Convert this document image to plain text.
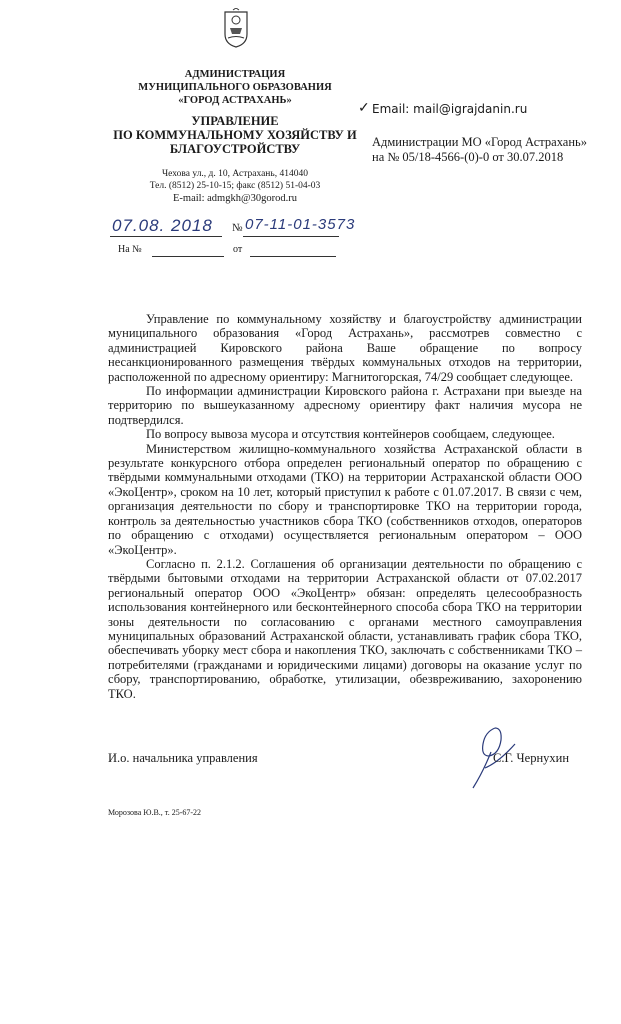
АДМИНИСТРАЦИЯ
МУНИЦИПАЛЬНОГО ОБРАЗОВАНИЯ
«ГОРОД АСТРАХАНЬ»
УПРАВЛЕНИЕ
ПО КОММУНАЛЬНОМУ ХОЗЯЙСТВУ И
БЛАГОУСТРОЙСТВУ
Чехова ул., д. 10, Астрахань, 414040
Тел. (8512) 25-10-15; факс (8512) 51-04-03
E-mail: admgkh@30gorod.ru
07.08. 2018 № 07-11-01-3573
На №	от
✓ Email: mail@igrajdanin.ru
Администрации МО «Город Астрахань»
на № 05/18-4566-(0)-0 от 30.07.2018

Управление по коммунальному хозяйству и благоустройству администрации муниципального образования «Город Астрахань», рассмотрев совместно с администрацией Кировского района Ваше обращение по вопросу несанкционированного размещения твёрдых коммунальных отходов на территории, расположенной по адресному ориентиру: Магнитогорская, 74/29 сообщает следующее.

По информации администрации Кировского района г. Астрахани при выезде на территорию по вышеуказанному адресному ориентиру факт наличия мусора не подтвердился.

По вопросу вывоза мусора и отсутствия контейнеров сообщаем, следующее.

Министерством жилищно-коммунального хозяйства Астраханской области в результате конкурсного отбора определен региональный оператор по обращению с твёрдыми коммунальными отходами (ТКО) на территории Астраханской области ООО «ЭкоЦентр», сроком на 10 лет, который приступил к работе с 01.07.2017. В связи с чем, организация деятельности по сбору и транспортировке ТКО на территории города, контроль за деятельностью участников сбора ТКО (собственников отходов, операторов по обращению с отходами) осуществляется региональным оператором – ООО «ЭкоЦентр».

Согласно п. 2.1.2. Соглашения об организации деятельности по обращению с твёрдыми бытовыми отходами на территории Астраханской области от 07.02.2017 региональный оператор ООО «ЭкоЦентр» обязан: определять целесообразность использования контейнерного или бесконтейнерного способа сбора ТКО на территории зоны деятельности по согласованию с органами местного самоуправления муниципальных образований Астраханской области, устанавливать график сбора ТКО, обеспечивать уборку мест сбора и накопления ТКО, заключать с собственниками ТКО – потребителями (гражданами и юридическими лицами) договоры на оказание услуг по сбору, транспортированию, обработке, утилизации, обезвреживанию, захоронению ТКО.

И.о. начальника управления	С.Г. Чернухин
Морозова Ю.В., т. 25-67-22
